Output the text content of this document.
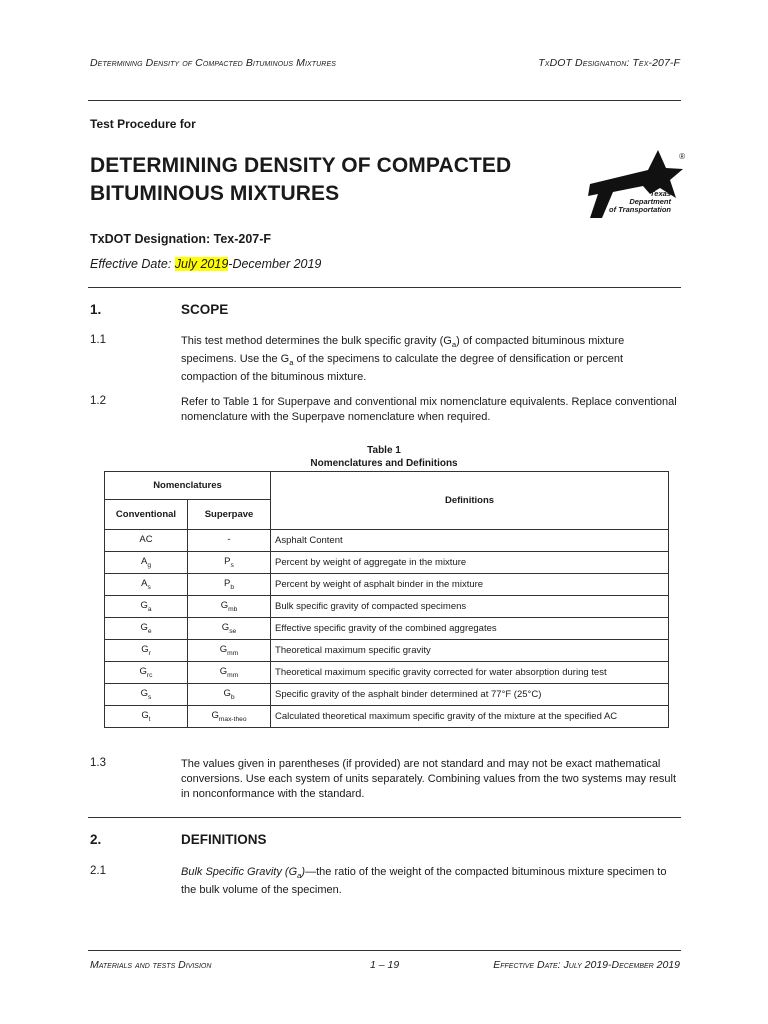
Determining Density of Compacted Bituminous Mixtures	TxDOT Designation: Tex-207-F
Test Procedure for
DETERMINING DENSITY OF COMPACTED
BITUMINOUS MIXTURES	Texas
Department
of Transportation
®
TxDOT Designation: Tex-207-F
Effective Date: July 2019-December 2019
1.	SCOPE
1.1	This test method determines the bulk specific gravity $(G_a)$ of compacted bituminous mixture specimens. Use the $G_a$ of the specimens to calculate the degree of densification or percent compaction of the bituminous mixture.
1.2	Refer to Table 1 for Superpave and conventional mix nomenclature equivalents. Replace conventional nomenclature with the Superpave nomenclature when required.
Table 1
Nomenclatures and Definitions
Nomenclatures		Definitions
Conventional	Superpave	
AC	-	Asphalt Content
$A_g$	$P_s$	Percent by weight of aggregate in the mixture
$A_s$	$P_b$	Percent by weight of asphalt binder in the mixture
$G_a$	$G_{mb}$	Bulk specific gravity of compacted specimens
$G_e$	$G_{se}$	Effective specific gravity of the combined aggregates
$G_r$	$G_{mm}$	Theoretical maximum specific gravity
$G_{rc}$	$G_{mm}$	Theoretical maximum specific gravity corrected for water absorption during test
$G_s$	$G_b$	Specific gravity of the asphalt binder determined at 77°F (25°C)
$G_t$	$G_{max-theo}$	Calculated theoretical maximum specific gravity of the mixture at the specified AC
1.3	The values given in parentheses (if provided) are not standard and may not be exact mathematical conversions. Use each system of units separately. Combining values from the two systems may result in nonconformance with the standard.
2.	DEFINITIONS
2.1	Bulk Specific Gravity $(G_a)—the$ ratio of the weight of the compacted bituminous mixture specimen to the bulk volume of the specimen.
Materials and tests Division	1 – 19	Effective Date: July 2019-December 2019
